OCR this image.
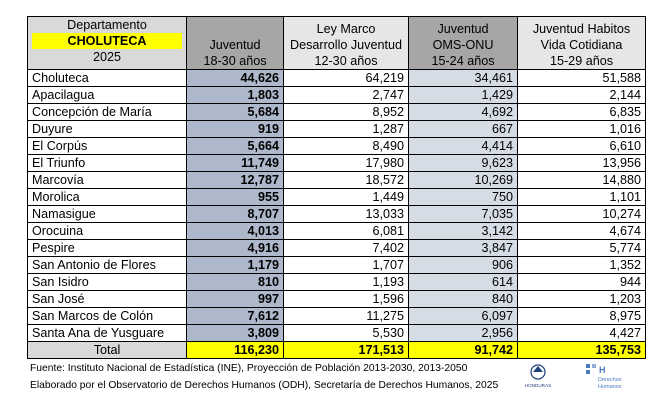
Departamento
CHOLUTECA
2025	Juventud
18-30 años	Ley Marco
Desarrollo Juventud
12-30 años	Juventud
OMS-ONU
15-24 años	Juventud Habitos
Vida Cotidiana
15-29 años

Choluteca	44,626	64,219	34,461	51,588
Apacilagua	1,803	2,747	1,429	2,144
Concepción de María	5,684	8,952	4,692	6,835
Duyure	919	1,287	667	1,016
El Corpús	5,664	8,490	4,414	6,610
El Triunfo	11,749	17,980	9,623	13,956
Marcovía	12,787	18,572	10,269	14,880
Morolica	955	1,449	750	1,101
Namasigue	8,707	13,033	7,035	10,274
Orocuina	4,013	6,081	3,142	4,674
Pespire	4,916	7,402	3,847	5,774
San Antonio de Flores	1,179	1,707	906	1,352
San Isidro	810	1,193	614	944
San José	997	1,596	840	1,203
San Marcos de Colón	7,612	11,275	6,097	8,975
Santa Ana de Yusguare	3,809	5,530	2,956	4,427
Total	116,230	171,513	91,742	135,753
Fuente: Instituto Nacional de Estadística (INE), Proyección de Población 2013-2030, 2013-2050
Elaborado por el Observatorio de Derechos Humanos (ODH), Secretaría de Derechos Humanos, 2025	HONDURAS
H
Derechos
Humanos
